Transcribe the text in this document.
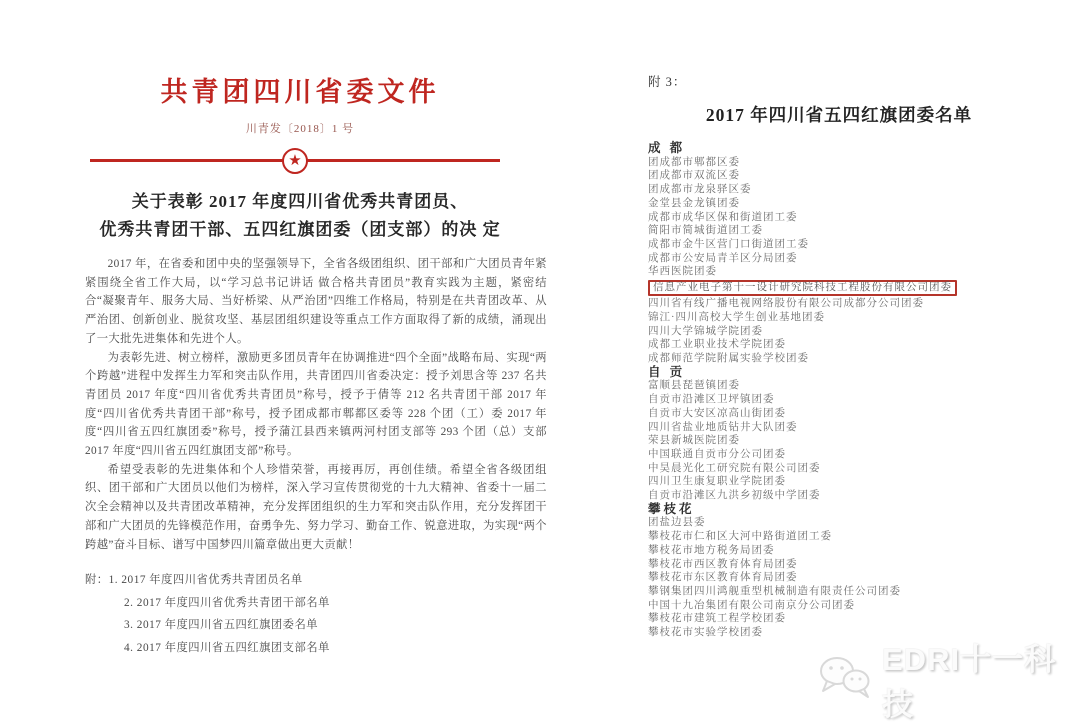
共青团四川省委文件
川青发〔2018〕1 号
★
关于表彰 2017 年度四川省优秀共青团员、
优秀共青团干部、五四红旗团委（团支部）的决 定

2017 年，在省委和团中央的坚强领导下，全省各级团组织、团干部和广大团员青年紧紧围绕全省工作大局，以“学习总书记讲话 做合格共青团员”教育实践为主题，紧密结合“凝聚青年、服务大局、当好桥梁、从严治团”四维工作格局，特别是在共青团改革、从严治团、创新创业、脱贫攻坚、基层团组织建设等重点工作方面取得了新的成绩，涌现出了一大批先进集体和先进个人。

为表彰先进、树立榜样，激励更多团员青年在协调推进“四个全面”战略布局、实现“两个跨越”进程中发挥生力军和突击队作用，共青团四川省委决定：授予刘思含等 237 名共青团员 2017 年度“四川省优秀共青团员”称号，授予于倩等 212 名共青团干部 2017 年度“四川省优秀共青团干部”称号，授予团成都市郫都区委等 228 个团（工）委 2017 年度“四川省五四红旗团委”称号，授予蒲江县西来镇两河村团支部等 293 个团（总）支部 2017 年度“四川省五四红旗团支部”称号。

希望受表彰的先进集体和个人珍惜荣誉，再接再厉，再创佳绩。希望全省各级团组织、团干部和广大团员以他们为榜样，深入学习宣传贯彻党的十九大精神、省委十一届二次全会精神以及共青团改革精神，充分发挥团组织的生力军和突击队作用，充分发挥团干部和广大团员的先锋模范作用，奋勇争先、努力学习、勤奋工作、锐意进取，为实现“两个跨越”奋斗目标、谱写中国梦四川篇章做出更大贡献！

附：1. 2017 年度四川省优秀共青团员名单
2. 2017 年度四川省优秀共青团干部名单
3. 2017 年度四川省五四红旗团委名单
4. 2017 年度四川省五四红旗团支部名单
附 3：
2017 年四川省五四红旗团委名单
成 都
团成都市郫都区委
团成都市双流区委
团成都市龙泉驿区委
金堂县金龙镇团委
成都市成华区保和街道团工委
简阳市简城街道团工委
成都市金牛区营门口街道团工委
成都市公安局青羊区分局团委
华西医院团委
信息产业电子第十一设计研究院科技工程股份有限公司团委
四川省有线广播电视网络股份有限公司成都分公司团委
锦江·四川高校大学生创业基地团委
四川大学锦城学院团委
成都工业职业技术学院团委
成都师范学院附属实验学校团委
自 贡
富顺县琵琶镇团委
自贡市沿滩区卫坪镇团委
自贡市大安区凉高山街团委
四川省盐业地质钻井大队团委
荣县新城医院团委
中国联通自贡市分公司团委
中昊晨光化工研究院有限公司团委
四川卫生康复职业学院团委
自贡市沿滩区九洪乡初级中学团委
攀枝花
团盐边县委
攀枝花市仁和区大河中路街道团工委
攀枝花市地方税务局团委
攀枝花市西区教育体育局团委
攀枝花市东区教育体育局团委
攀钢集团四川鸿舰重型机械制造有限责任公司团委
中国十九冶集团有限公司南京分公司团委
攀枝花市建筑工程学校团委
攀枝花市实验学校团委
EDRI十一科技
